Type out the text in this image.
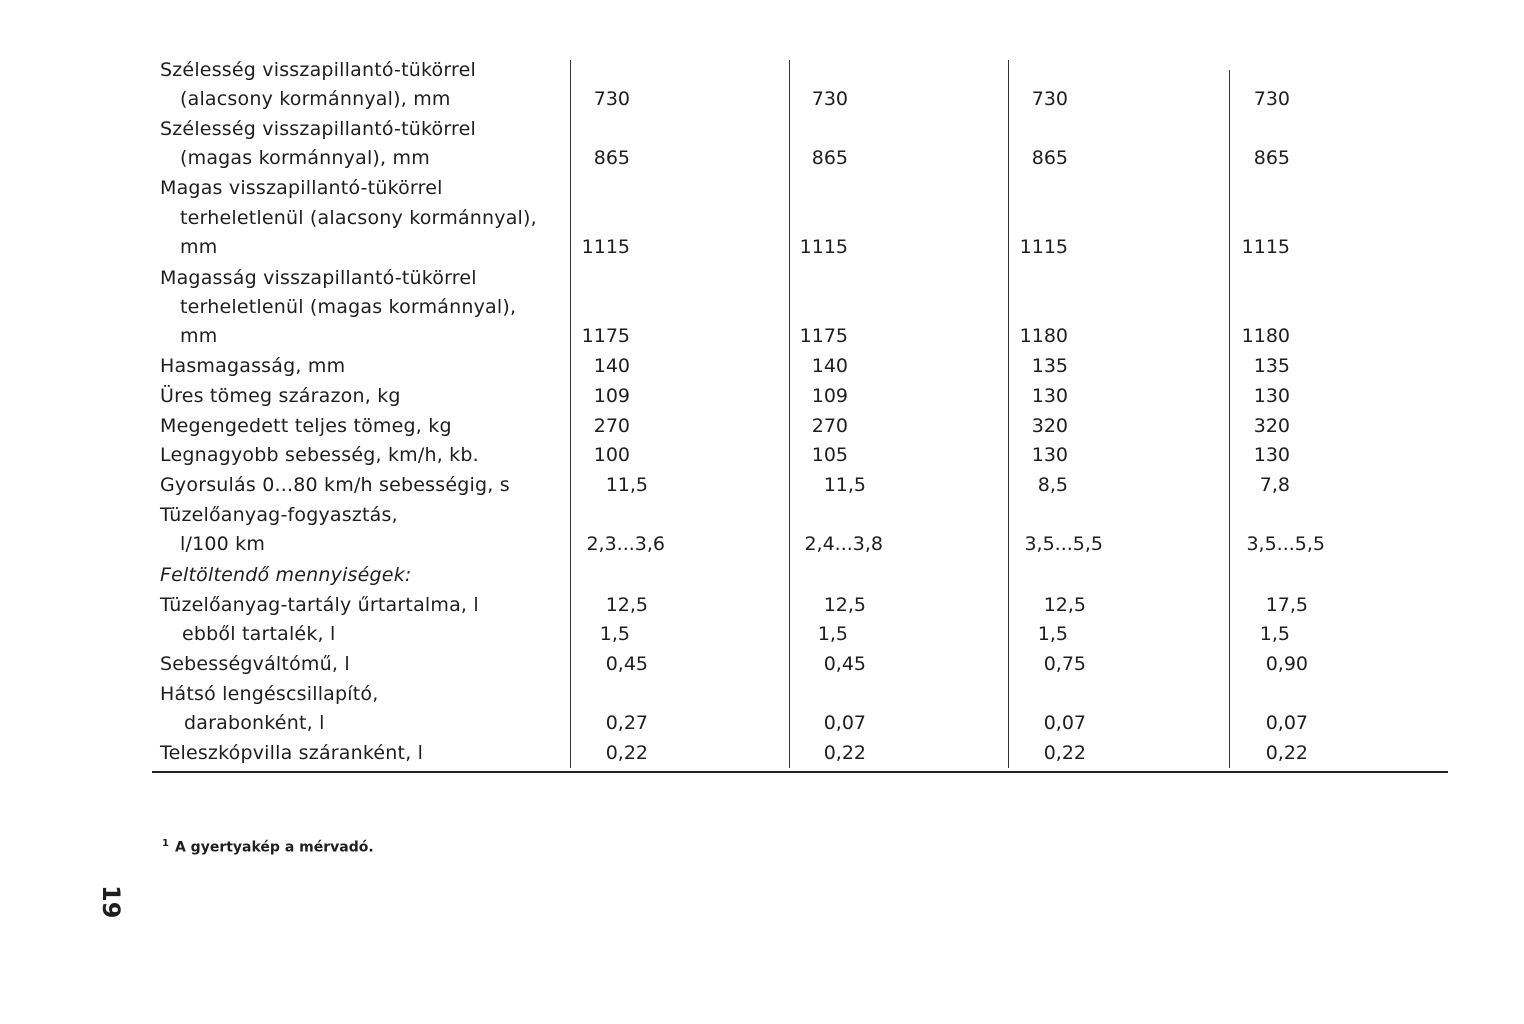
Szélesség visszapillantó-tükörrel
(alacsony kormánnyal), mm	730	730	730	730
Szélesség visszapillantó-tükörrel
(magas kormánnyal), mm	865	865	865	865
Magas visszapillantó-tükörrel
terheletlenül (alacsony kormánnyal),
mm	1115	1115	1115	1115
Magasság visszapillantó-tükörrel
terheletlenül (magas kormánnyal),
mm	1175	1175	1180	1180
Hasmagasság, mm	140	140	135	135
Üres tömeg szárazon, kg	109	109	130	130
Megengedett teljes tömeg, kg	270	270	320	320
Legnagyobb sebesség, km/h, kb.	100	105	130	130
Gyorsulás 0...80 km/h sebességig, s	11,5	11,5	8,5	7,8
Tüzelőanyag-fogyasztás,
l/100 km	2,3...3,6	2,4...3,8	3,5...5,5	3,5...5,5
Feltöltendő mennyiségek:
Tüzelőanyag-tartály űrtartalma, l	12,5	12,5	12,5	17,5
ebből tartalék, l	1,5	1,5	1,5	1,5
Sebességváltómű, l	0,45	0,45	0,75	0,90
Hátsó lengéscsillapító,
darabonként, l	0,27	0,07	0,07	0,07
Teleszkópvilla száranként, l	0,22	0,22	0,22	0,22
$^1$ A gyertyakép a mérvadó.
19
